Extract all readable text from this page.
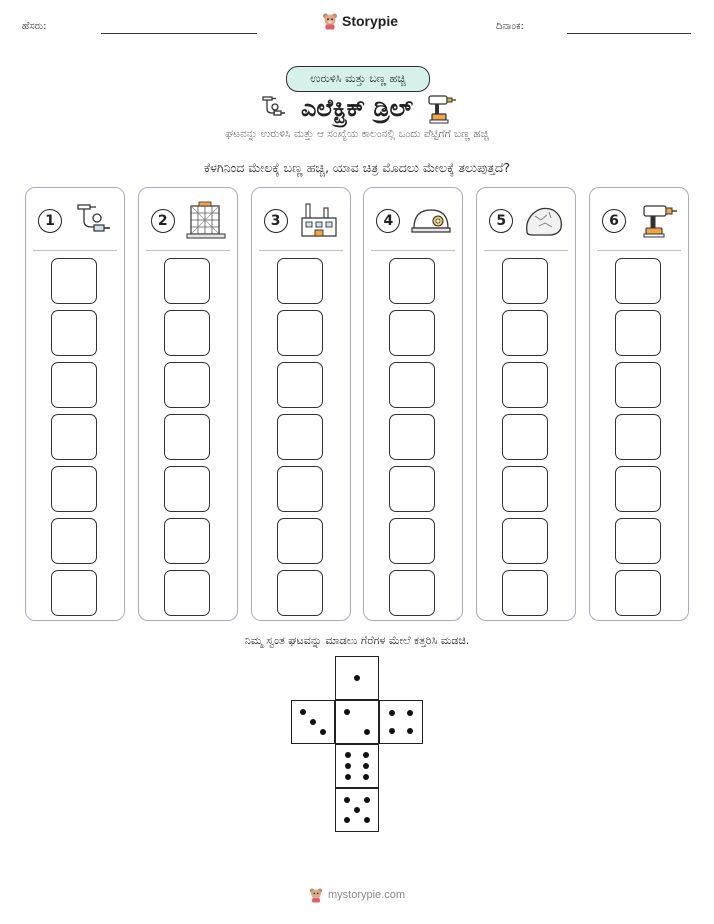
ಹೆಸರು:	Storypie	ದಿನಾಂಕ:
ಉರುಳಿಸಿ ಮತ್ತು ಬಣ್ಣ ಹಚ್ಚಿ
ಎಲೆಕ್ಟ್ರಿಕ್ ಡ್ರಿಲ್
ಘಟವನ್ನು ಉರುಳಿಸಿ ಮತ್ತು ಆ ಸಂಖ್ಯೆಯ ಕಾಲಂನಲ್ಲಿ ಒಂದು ಪೆಟ್ಟಿಗೆಗೆ ಬಣ್ಣ ಹಚ್ಚಿ
ಕೆಳಗಿನಿಂದ ಮೇಲಕ್ಕೆ ಬಣ್ಣ ಹಚ್ಚಿ, ಯಾವ ಚಿತ್ರ ಮೊದಲು ಮೇಲಕ್ಕೆ ತಲುಪುತ್ತದೆ?
1	2	3	4	5	6
ನಿಮ್ಮ ಸ್ವಂತ ಘಟವನ್ನು ಮಾಡಲು ಗೆರೆಗಳ ಮೇಲೆ ಕತ್ತರಿಸಿ ಮಡಚಿ.
mystorypie.com
